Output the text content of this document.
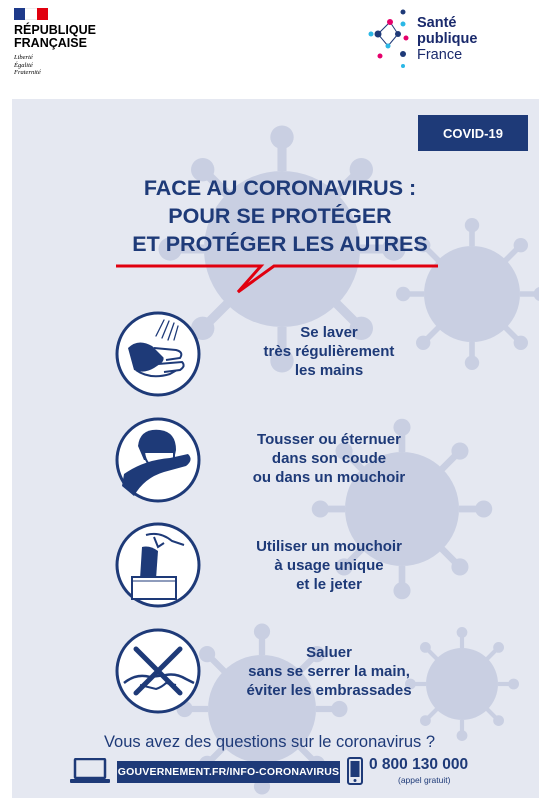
RÉPUBLIQUE
FRANÇAISE
Liberté
Égalité
Fraternité
Santé
publique
France
COVID-19
FACE AU CORONAVIRUS :
POUR SE PROTÉGER
ET PROTÉGER LES AUTRES
Se laver
très régulièrement
les mains
Tousser ou éternuer
dans son coude
ou dans un mouchoir
Utiliser un mouchoir
à usage unique
et le jeter
Saluer
sans se serrer la main,
éviter les embrassades
Vous avez des questions sur le coronavirus ?
GOUVERNEMENT.FR/INFO-CORONAVIRUS 0 800 130 000
(appel gratuit)
